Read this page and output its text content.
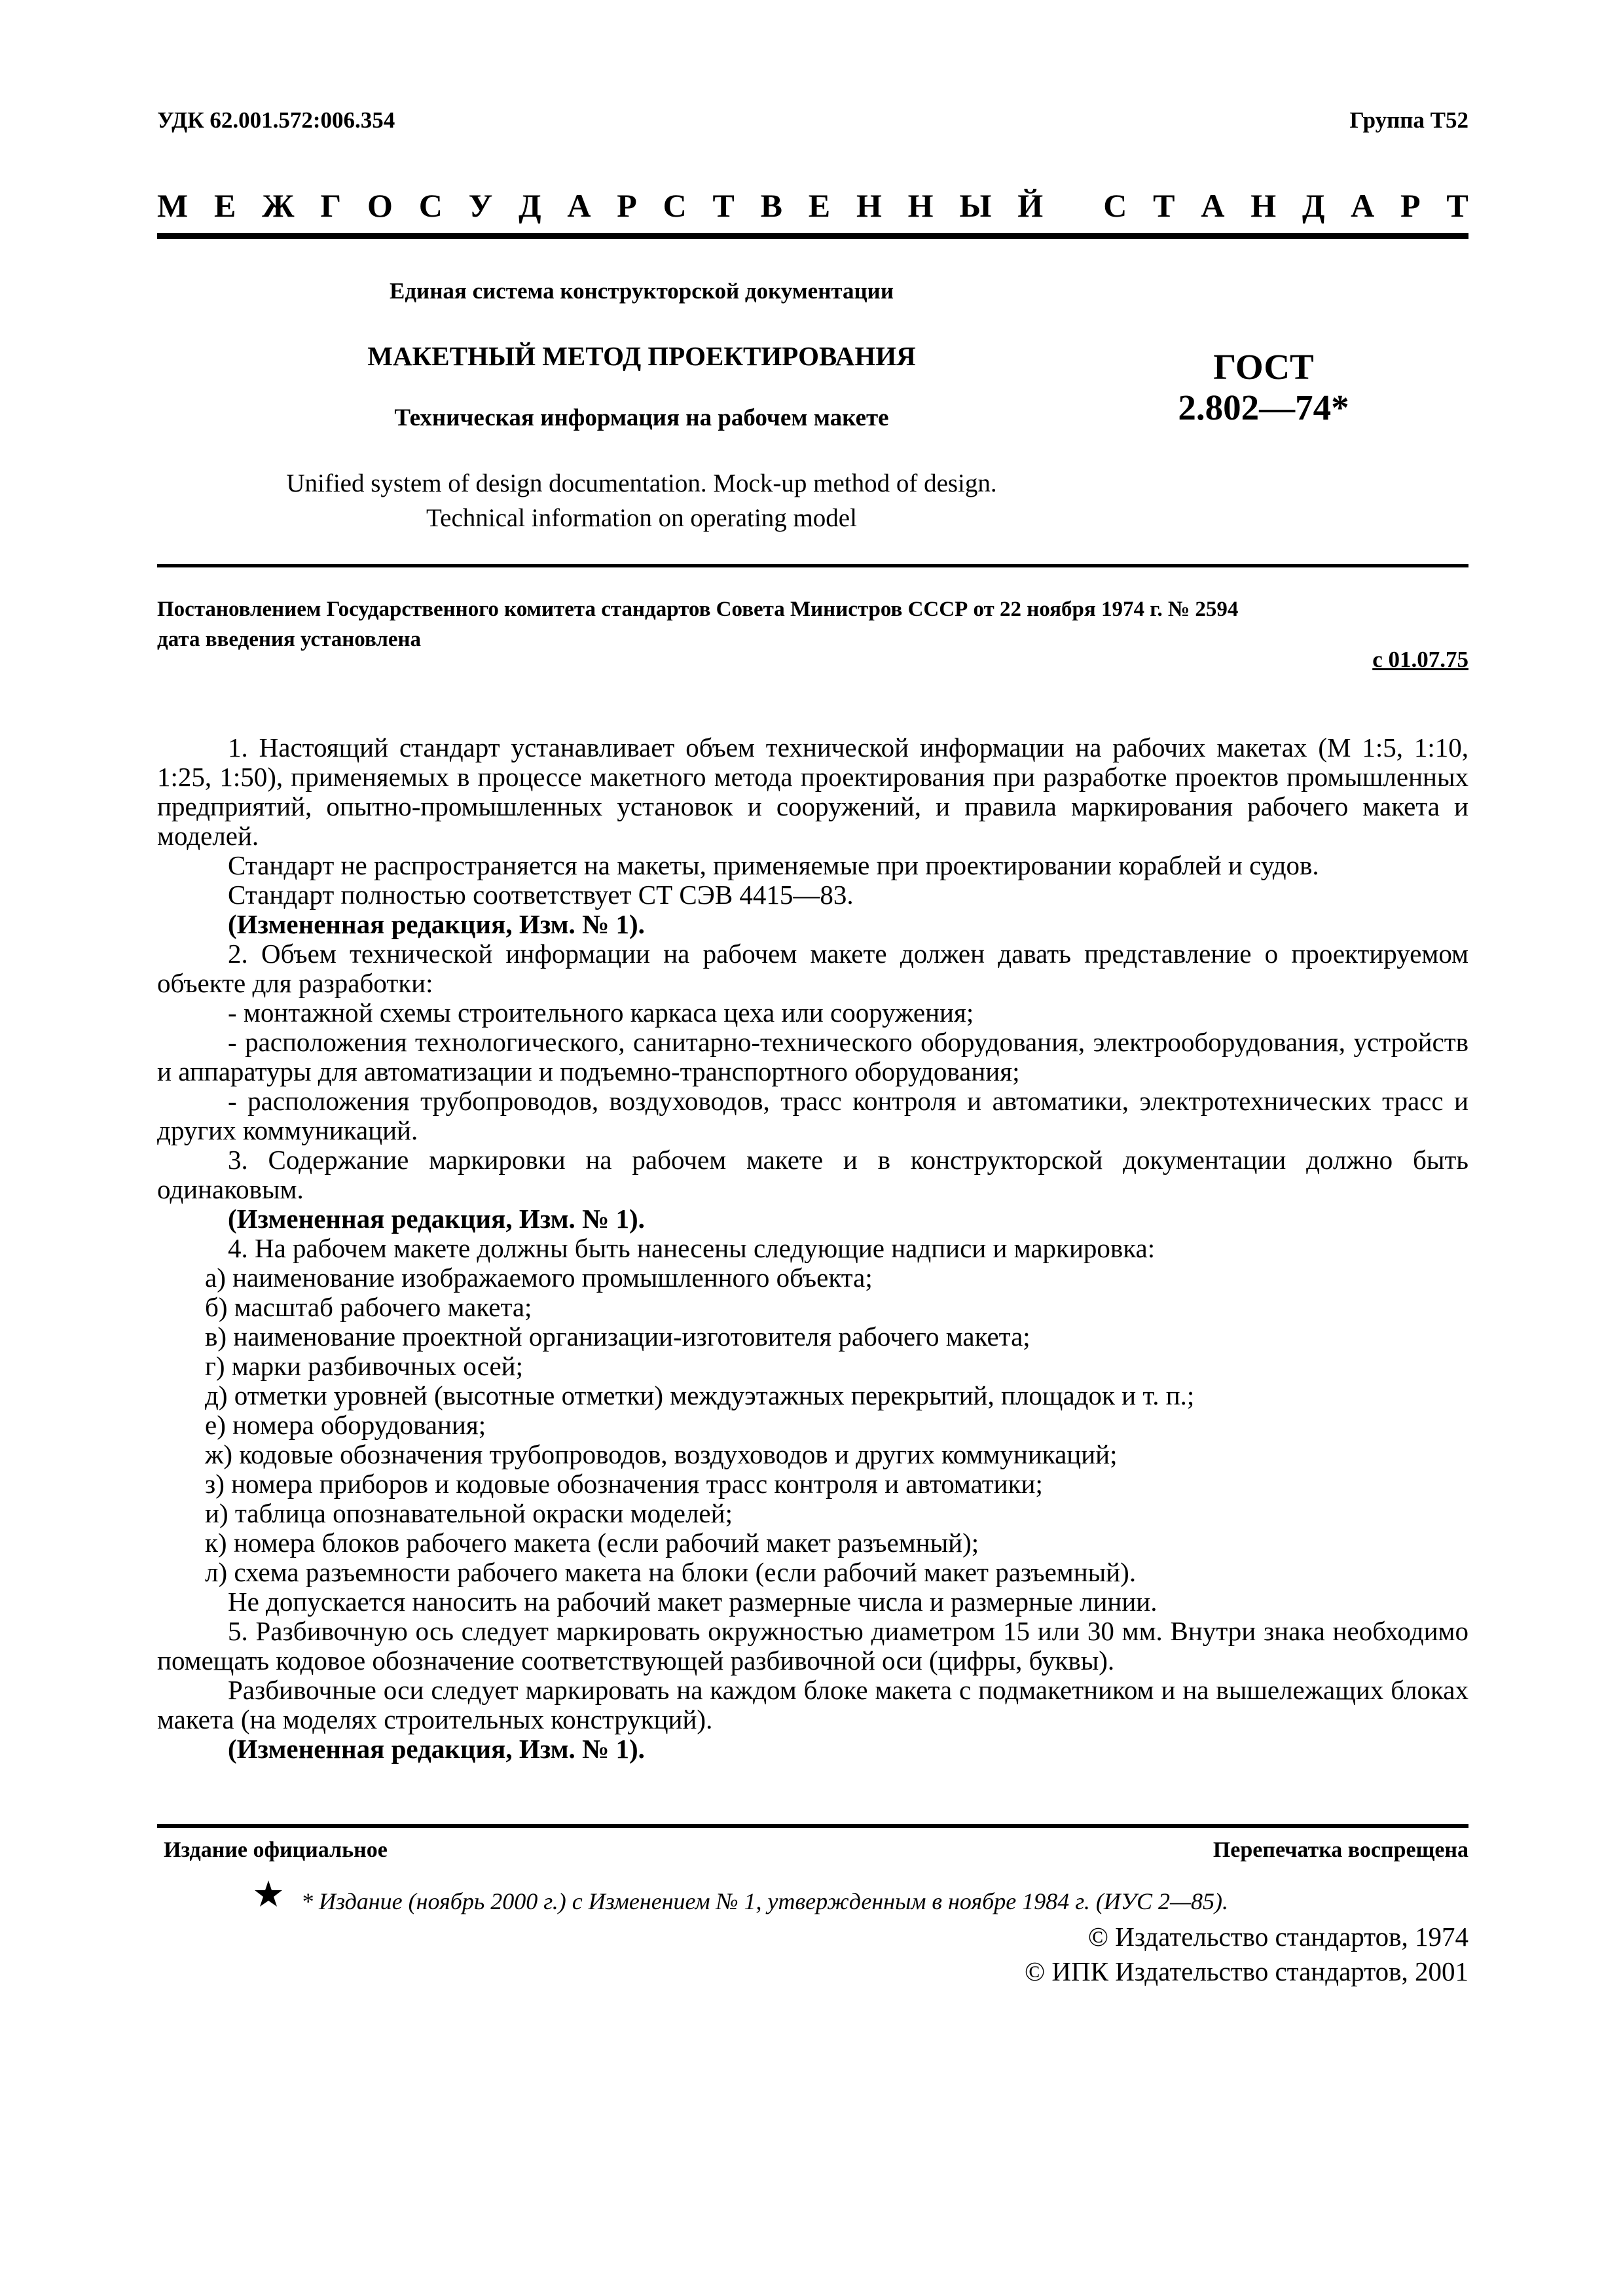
УДК 62.001.572:006.354	Группа Т52
М Е Ж Г О С У Д А Р С Т В Е Н Н Ы Й
С Т А Н Д А Р Т
Единая система конструкторской документации
МАКЕТНЫЙ МЕТОД ПРОЕКТИРОВАНИЯ
Техническая информация на рабочем макете
ГОСТ
2.802—74*
Unified system of design documentation. Mock-up method of design.
Technical information on operating model
Постановлением Государственного комитета стандартов Совета Министров СССР от 22 ноября 1974 г. № 2594
дата введения установлена
с 01.07.75

1. Настоящий стандарт устанавливает объем технической информации на рабочих макетах (М 1:5, 1:10, 1:25, 1:50), применяемых в процессе макетного метода проектирования при разработке проектов промышленных предприятий, опытно-промышленных установок и сооружений, и правила маркирования рабочего макета и моделей.

Стандарт не распространяется на макеты, применяемые при проектировании кораблей и судов.

Стандарт полностью соответствует СТ СЭВ 4415—83.

(Измененная редакция, Изм. № 1).

2. Объем технической информации на рабочем макете должен давать представление о проектируемом объекте для разработки:

- монтажной схемы строительного каркаса цеха или сооружения;

- расположения технологического, санитарно-технического оборудования, электрооборудования, устройств и аппаратуры для автоматизации и подъемно-транспортного оборудования;

- расположения трубопроводов, воздуховодов, трасс контроля и автоматики, электротехнических трасс и других коммуникаций.

3. Содержание маркировки на рабочем макете и в конструкторской документации должно быть одинаковым.

(Измененная редакция, Изм. № 1).

4. На рабочем макете должны быть нанесены следующие надписи и маркировка:

а) наименование изображаемого промышленного объекта;

б) масштаб рабочего макета;

в) наименование проектной организации-изготовителя рабочего макета;

г) марки разбивочных осей;

д) отметки уровней (высотные отметки) междуэтажных перекрытий, площадок и т. п.;

е) номера оборудования;

ж) кодовые обозначения трубопроводов, воздуховодов и других коммуникаций;

з) номера приборов и кодовые обозначения трасс контроля и автоматики;

и) таблица опознавательной окраски моделей;

к) номера блоков рабочего макета (если рабочий макет разъемный);

л) схема разъемности рабочего макета на блоки (если рабочий макет разъемный).

Не допускается наносить на рабочий макет размерные числа и размерные линии.

5. Разбивочную ось следует маркировать окружностью диаметром 15 или 30 мм. Внутри знака необходимо помещать кодовое обозначение соответствующей разбивочной оси (цифры, буквы).

Разбивочные оси следует маркировать на каждом блоке макета с подмакетником и на вышележащих блоках макета (на моделях строительных конструкций).

(Измененная редакция, Изм. № 1).

Издание официальное	Перепечатка воспрещена
* Издание (ноябрь 2000 г.) с Изменением № 1, утвержденным в ноябре 1984 г. (ИУС 2—85).
© Издательство стандартов, 1974
© ИПК Издательство стандартов, 2001
